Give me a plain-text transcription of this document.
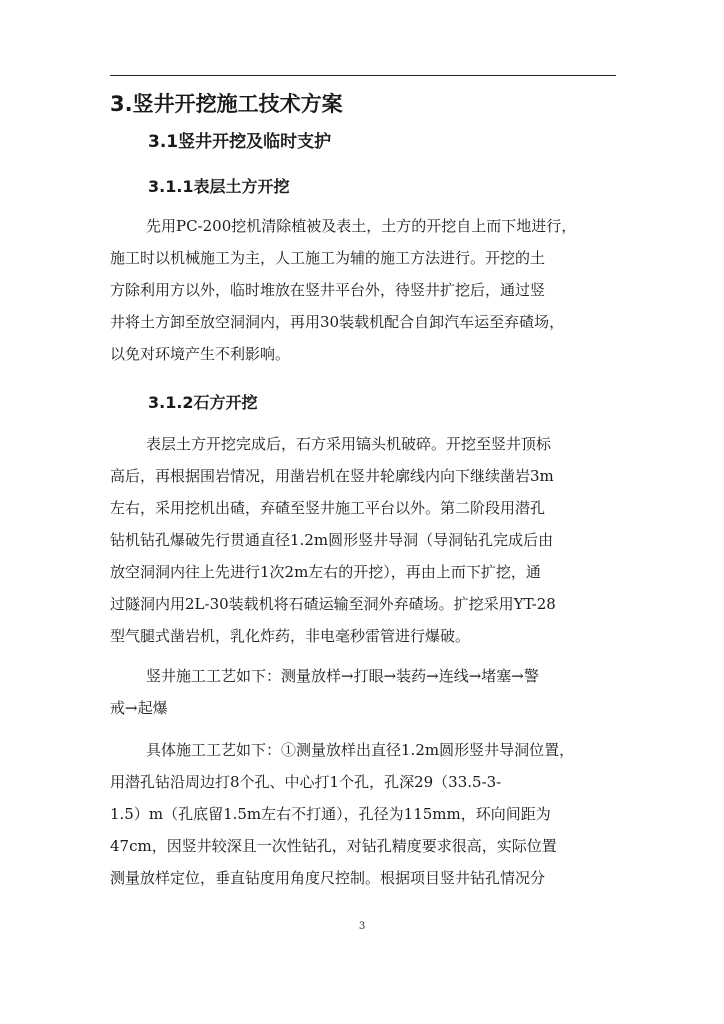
3.竖井开挖施工技术方案
3.1竖井开挖及临时支护
3.1.1表层土方开挖
先用PC-200挖机清除植被及表土，土方的开挖自上而下地进行，
施工时以机械施工为主，人工施工为辅的施工方法进行。开挖的土
方除利用方以外，临时堆放在竖井平台外，待竖井扩挖后，通过竖
井将土方卸至放空洞洞内，再用30装载机配合自卸汽车运至弃碴场，
以免对环境产生不利影响。
3.1.2石方开挖
表层土方开挖完成后，石方采用镐头机破碎。开挖至竖井顶标
高后，再根据围岩情况，用凿岩机在竖井轮廓线内向下继续凿岩3m
左右，采用挖机出碴，弃碴至竖井施工平台以外。第二阶段用潜孔
钻机钻孔爆破先行贯通直径1.2m圆形竖井导洞（导洞钻孔完成后由
放空洞洞内往上先进行1次2m左右的开挖），再由上而下扩挖，通
过隧洞内用2L-30装载机将石碴运输至洞外弃碴场。扩挖采用YT-28
型气腿式凿岩机，乳化炸药，非电毫秒雷管进行爆破。
竖井施工工艺如下：测量放样→打眼→装药→连线→堵塞→警
戒→起爆
具体施工工艺如下：①测量放样出直径1.2m圆形竖井导洞位置，
用潜孔钻沿周边打8个孔、中心打1个孔，孔深29（33.5-3-
1.5）m（孔底留1.5m左右不打通），孔径为115mm，环向间距为
47cm，因竖井较深且一次性钻孔，对钻孔精度要求很高，实际位置
测量放样定位，垂直钻度用角度尺控制。根据项目竖井钻孔情况分
3
